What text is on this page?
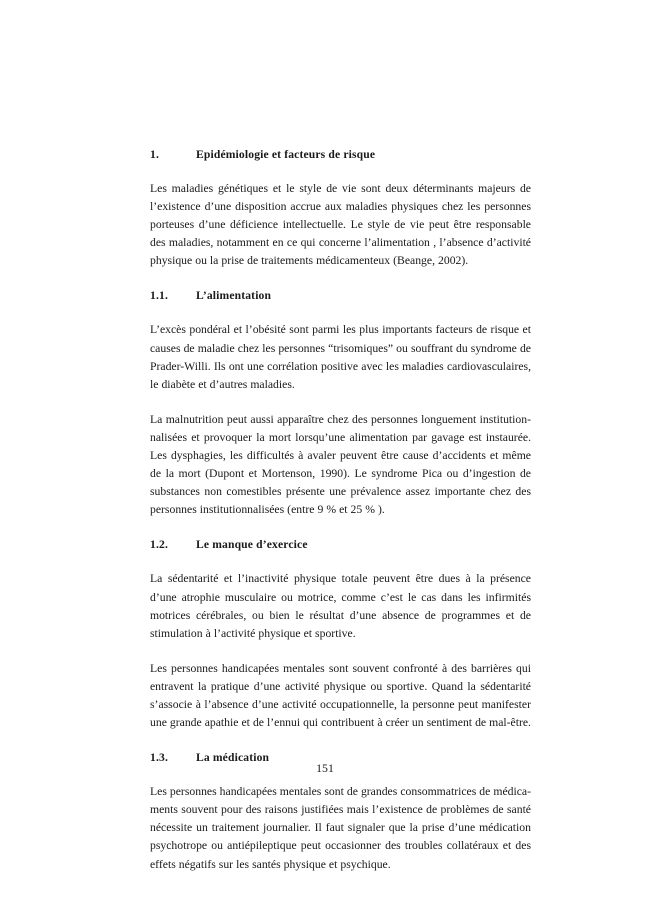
1.	Epidémiologie et facteurs de risque

Les maladies génétiques et le style de vie sont deux déterminants majeurs de l’existence d’une disposition accrue aux maladies physiques chez les personnes porteuses d’une déficience intellectuelle. Le style de vie peut être responsable des maladies, notamment en ce qui concerne l’alimentation , l’absence d’activité physique ou la prise de traitements médicamenteux (Beange, 2002).

1.1. L’alimentation

L’excès pondéral et l’obésité sont parmi les plus importants facteurs de risque et causes de maladie chez les personnes “trisomiques” ou souffrant du syndrome de Prader-Willi. Ils ont une corrélation positive avec les maladies cardiovasculaires, le diabète et d’autres maladies.

La malnutrition peut aussi apparaître chez des personnes longuement institution-nalisées et provoquer la mort lorsqu’une alimentation par gavage est instaurée. Les dysphagies, les difficultés à avaler peuvent être cause d’accidents et même de la mort (Dupont et Mortenson, 1990). Le syndrome Pica ou d’ingestion de substances non comestibles présente une prévalence assez importante chez des personnes institutionnalisées (entre 9 % et 25 % ).

1.2. Le manque d’exercice

La sédentarité et l’inactivité physique totale peuvent être dues à la présence d’une atrophie musculaire ou motrice, comme c’est le cas dans les infirmités motrices cérébrales, ou bien le résultat d’une absence de programmes et de stimulation à l’activité physique et sportive.

Les personnes handicapées mentales sont souvent confronté à des barrières qui entravent la pratique d’une activité physique ou sportive. Quand la sédentarité s’associe à l’absence d’une activité occupationnelle, la personne peut manifester une grande apathie et de l’ennui qui contribuent à créer un sentiment de mal-être.

1.3. La médication

Les personnes handicapées mentales sont de grandes consommatrices de médica-ments souvent pour des raisons justifiées mais l’existence de problèmes de santé nécessite un traitement journalier. Il faut signaler que la prise d’une médication psychotrope ou antiépileptique peut occasionner des troubles collatéraux et des effets négatifs sur les santés physique et psychique.

151
